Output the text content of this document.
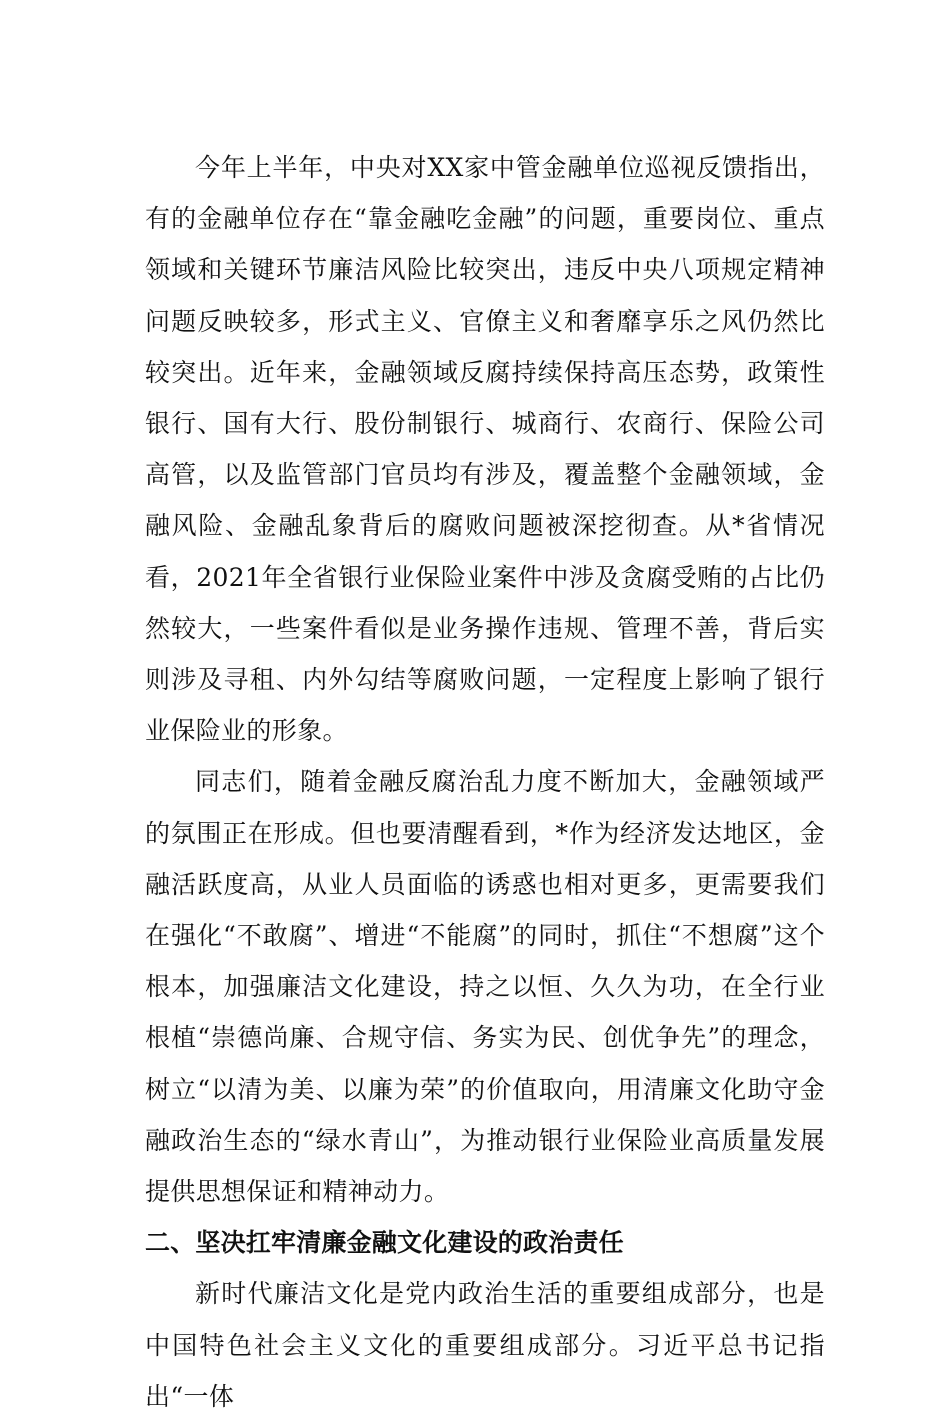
今年上半年，中央对XX家中管金融单位巡视反馈指出，有的金融单位存在“靠金融吃金融”的问题，重要岗位、重点领域和关键环节廉洁风险比较突出，违反中央八项规定精神问题反映较多，形式主义、官僚主义和奢靡享乐之风仍然比较突出。近年来，金融领域反腐持续保持高压态势，政策性银行、国有大行、股份制银行、城商行、农商行、保险公司高管，以及监管部门官员均有涉及，覆盖整个金融领域，金融风险、金融乱象背后的腐败问题被深挖彻查。从*省情况看，2021年全省银行业保险业案件中涉及贪腐受贿的占比仍然较大，一些案件看似是业务操作违规、管理不善，背后实则涉及寻租、内外勾结等腐败问题，一定程度上影响了银行业保险业的形象。

同志们，随着金融反腐治乱力度不断加大，金融领域严的氛围正在形成。但也要清醒看到，*作为经济发达地区，金融活跃度高，从业人员面临的诱惑也相对更多，更需要我们在强化“不敢腐”、增进“不能腐”的同时，抓住“不想腐”这个根本，加强廉洁文化建设，持之以恒、久久为功，在全行业根植“崇德尚廉、合规守信、务实为民、创优争先”的理念，树立“以清为美、以廉为荣”的价值取向，用清廉文化助守金融政治生态的“绿水青山”，为推动银行业保险业高质量发展提供思想保证和精神动力。

二、坚决扛牢清廉金融文化建设的政治责任

新时代廉洁文化是党内政治生活的重要组成部分，也是中国特色社会主义文化的重要组成部分。习近平总书记指出“一体
